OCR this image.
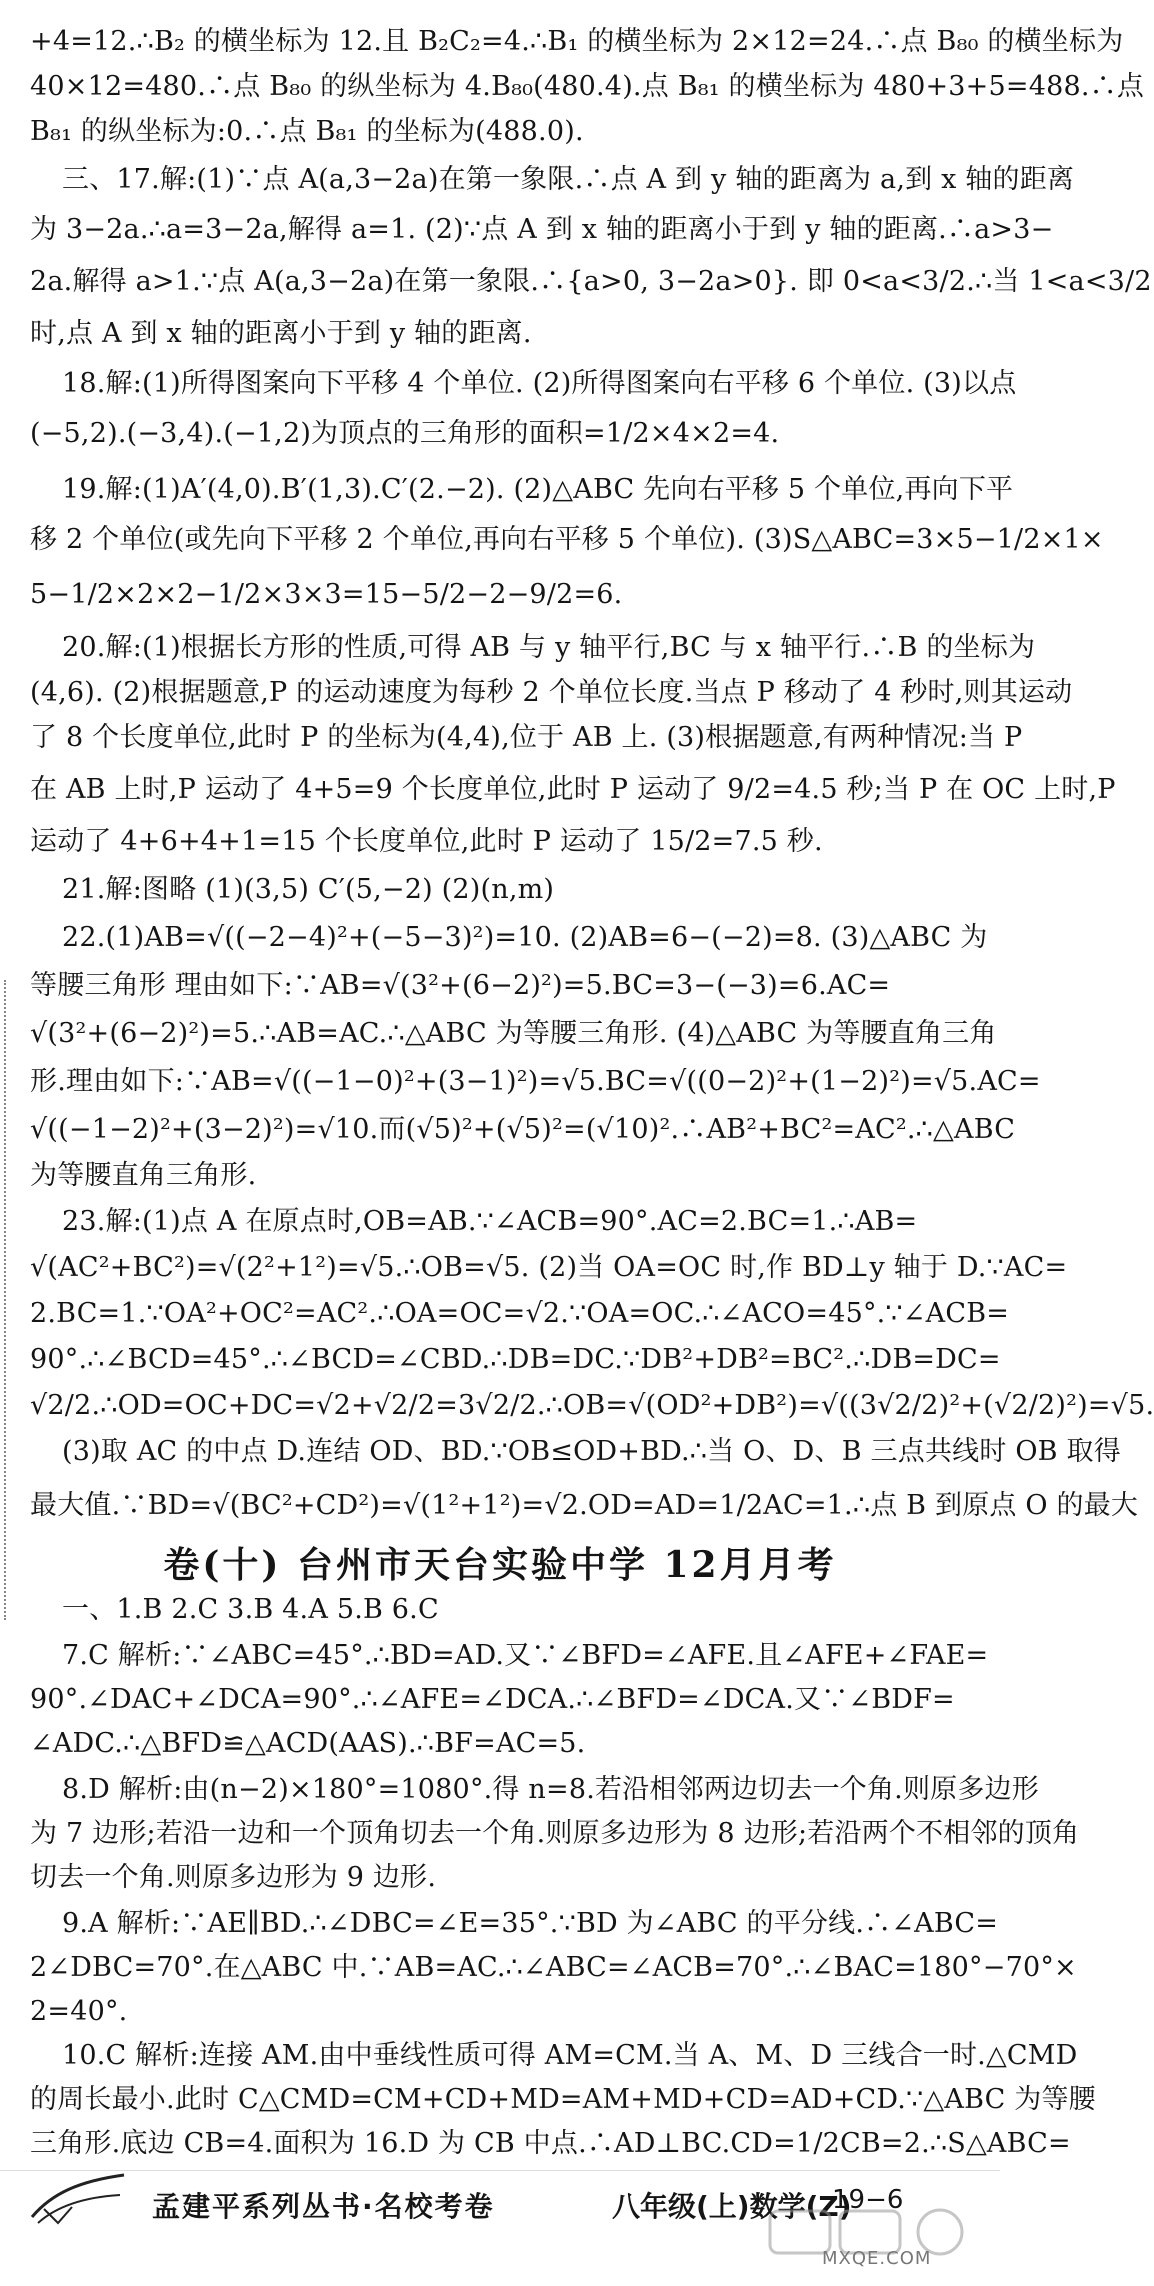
+4=12.∴B₂ 的横坐标为 12.且 B₂C₂=4.∴B₁ 的横坐标为 2×12=24.∴点 B₈₀ 的横坐标为
40×12=480.∴点 B₈₀ 的纵坐标为 4.B₈₀(480.4).点 B₈₁ 的横坐标为 480+3+5=488.∴点
B₈₁ 的纵坐标为:0.∴点 B₈₁ 的坐标为(488.0).
三、17.解:(1)∵点 A(a,3−2a)在第一象限.∴点 A 到 y 轴的距离为 a,到 x 轴的距离
为 3−2a.∴a=3−2a,解得 a=1. (2)∵点 A 到 x 轴的距离小于到 y 轴的距离.∴a>3−
2a.解得 a>1.∵点 A(a,3−2a)在第一象限.∴{a>0, 3−2a>0}. 即 0<a<3/2.∴当 1<a<3/2
时,点 A 到 x 轴的距离小于到 y 轴的距离.
18.解:(1)所得图案向下平移 4 个单位. (2)所得图案向右平移 6 个单位. (3)以点
(−5,2).(−3,4).(−1,2)为顶点的三角形的面积=1/2×4×2=4.
19.解:(1)A′(4,0).B′(1,3).C′(2.−2). (2)△ABC 先向右平移 5 个单位,再向下平
移 2 个单位(或先向下平移 2 个单位,再向右平移 5 个单位). (3)S△ABC=3×5−1/2×1×
5−1/2×2×2−1/2×3×3=15−5/2−2−9/2=6.
20.解:(1)根据长方形的性质,可得 AB 与 y 轴平行,BC 与 x 轴平行.∴B 的坐标为
(4,6). (2)根据题意,P 的运动速度为每秒 2 个单位长度.当点 P 移动了 4 秒时,则其运动
了 8 个长度单位,此时 P 的坐标为(4,4),位于 AB 上. (3)根据题意,有两种情况:当 P
在 AB 上时,P 运动了 4+5=9 个长度单位,此时 P 运动了 9/2=4.5 秒;当 P 在 OC 上时,P
运动了 4+6+4+1=15 个长度单位,此时 P 运动了 15/2=7.5 秒.
21.解:图略 (1)(3,5) C′(5,−2) (2)(n,m)
22.(1)AB=√((−2−4)²+(−5−3)²)=10. (2)AB=6−(−2)=8. (3)△ABC 为
等腰三角形 理由如下:∵AB=√(3²+(6−2)²)=5.BC=3−(−3)=6.AC=
√(3²+(6−2)²)=5.∴AB=AC.∴△ABC 为等腰三角形. (4)△ABC 为等腰直角三角
形.理由如下:∵AB=√((−1−0)²+(3−1)²)=√5.BC=√((0−2)²+(1−2)²)=√5.AC=
√((−1−2)²+(3−2)²)=√10.而(√5)²+(√5)²=(√10)².∴AB²+BC²=AC².∴△ABC
为等腰直角三角形.
23.解:(1)点 A 在原点时,OB=AB.∵∠ACB=90°.AC=2.BC=1.∴AB=
√(AC²+BC²)=√(2²+1²)=√5.∴OB=√5. (2)当 OA=OC 时,作 BD⊥y 轴于 D.∵AC=
2.BC=1.∵OA²+OC²=AC².∴OA=OC=√2.∵OA=OC.∴∠ACO=45°.∵∠ACB=
90°.∴∠BCD=45°.∴∠BCD=∠CBD.∴DB=DC.∵DB²+DB²=BC².∴DB=DC=
√2/2.∴OD=OC+DC=√2+√2/2=3√2/2.∴OB=√(OD²+DB²)=√((3√2/2)²+(√2/2)²)=√5.
卷(十) 台州市天台实验中学 12月月考
(3)取 AC 的中点 D.连结 OD、BD.∵OB≤OD+BD.∴当 O、D、B 三点共线时 OB 取得
最大值.∵BD=√(BC²+CD²)=√(1²+1²)=√2.OD=AD=1/2AC=1.∴点 B 到原点 O 的最大
一、1.B 2.C 3.B 4.A 5.B 6.C
7.C 解析:∵∠ABC=45°.∴BD=AD.又∵∠BFD=∠AFE.且∠AFE+∠FAE=
90°.∠DAC+∠DCA=90°.∴∠AFE=∠DCA.∴∠BFD=∠DCA.又∵∠BDF=
∠ADC.∴△BFD≌△ACD(AAS).∴BF=AC=5.
8.D 解析:由(n−2)×180°=1080°.得 n=8.若沿相邻两边切去一个角.则原多边形
为 7 边形;若沿一边和一个顶角切去一个角.则原多边形为 8 边形;若沿两个不相邻的顶角
切去一个角.则原多边形为 9 边形.
9.A 解析:∵AE∥BD.∴∠DBC=∠E=35°.∵BD 为∠ABC 的平分线.∴∠ABC=
2∠DBC=70°.在△ABC 中.∵AB=AC.∴∠ABC=∠ACB=70°.∴∠BAC=180°−70°×
2=40°.
10.C 解析:连接 AM.由中垂线性质可得 AM=CM.当 A、M、D 三线合一时.△CMD
的周长最小.此时 C△CMD=CM+CD+MD=AM+MD+CD=AD+CD.∵△ABC 为等腰
三角形.底边 CB=4.面积为 16.D 为 CB 中点.∴AD⊥BC.CD=1/2CB=2.∴S△ABC=
孟建平系列丛书·名校考卷	八年级(上)数学(Z)
19−6
MXQE.COM
